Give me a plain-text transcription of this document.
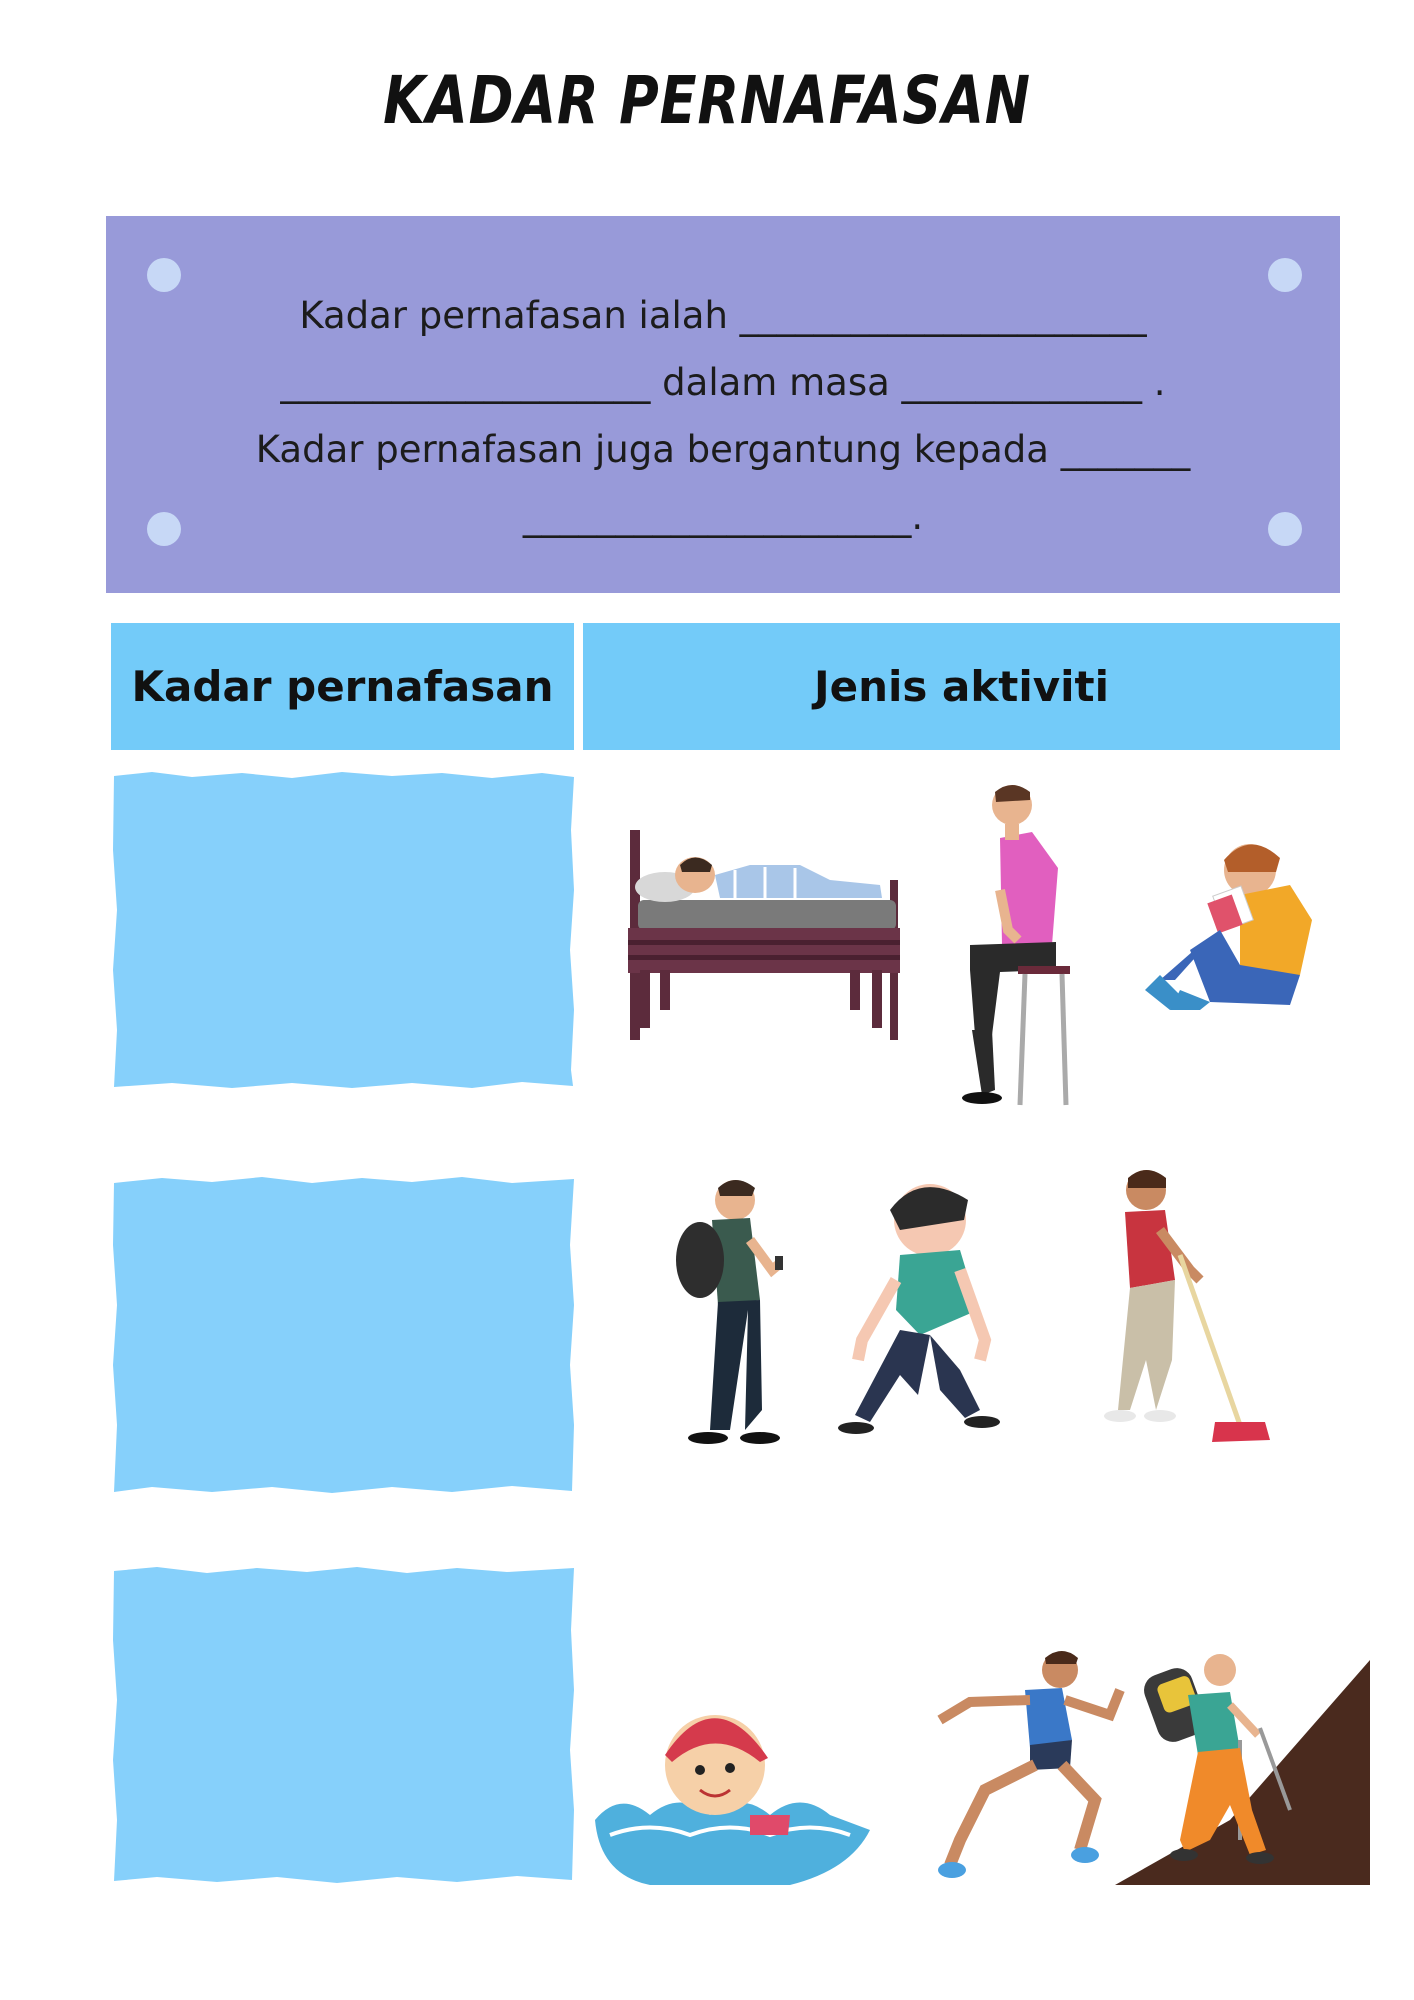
KADAR PERNAFASAN

Kadar pernafasan ialah ______________________
____________________ dalam masa _____________ .
Kadar pernafasan juga bergantung kepada _______
_____________________.

Kadar pernafasan	Jenis aktiviti
